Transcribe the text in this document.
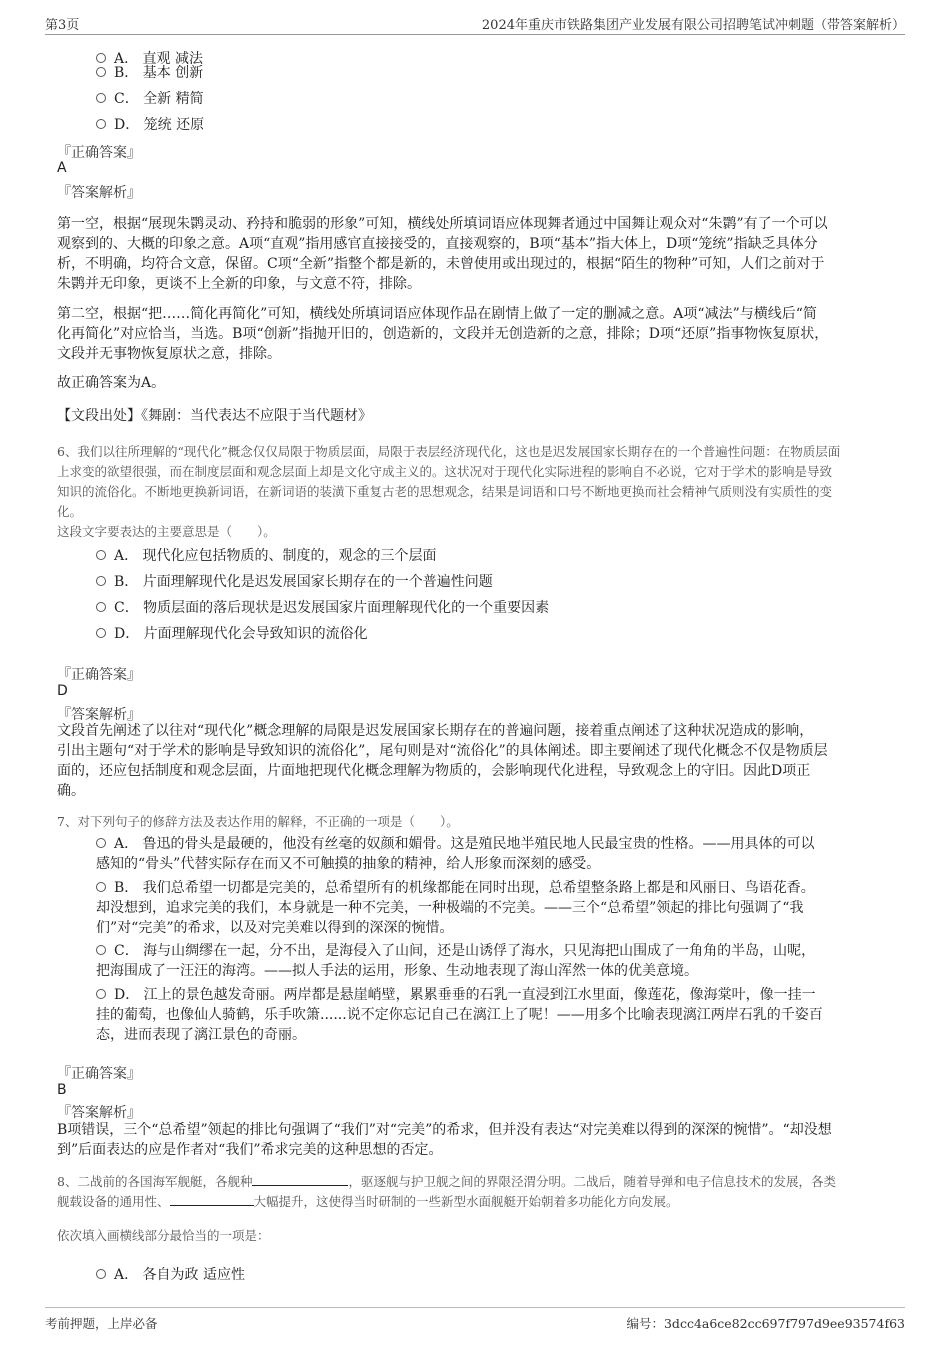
第3页	2024年重庆市铁路集团产业发展有限公司招聘笔试冲刺题（带答案解析）
A． 直观 减法
B． 基本 创新
C． 全新 精简
D． 笼统 还原
『正确答案』
A
『答案解析』
第一空，根据“展现朱鹮灵动、矜持和脆弱的形象”可知，横线处所填词语应体现舞者通过中国舞让观众对“朱鹮”有了一个可以
观察到的、大概的印象之意。A项“直观”指用感官直接接受的，直接观察的，B项“基本”指大体上，D项“笼统”指缺乏具体分
析，不明确，均符合文意，保留。C项“全新”指整个都是新的，未曾使用或出现过的，根据“陌生的物种”可知，人们之前对于
朱鹮并无印象，更谈不上全新的印象，与文意不符，排除。
第二空，根据“把……简化再简化”可知，横线处所填词语应体现作品在剧情上做了一定的删减之意。A项“减法”与横线后“简
化再简化”对应恰当，当选。B项“创新”指抛开旧的，创造新的，文段并无创造新的之意，排除；D项“还原”指事物恢复原状，
文段并无事物恢复原状之意，排除。
故正确答案为A。
【文段出处】《舞剧：当代表达不应限于当代题材》
6、我们以往所理解的“现代化”概念仅仅局限于物质层面，局限于表层经济现代化，这也是迟发展国家长期存在的一个普遍性问题：在物质层面
上求变的欲望很强，而在制度层面和观念层面上却是文化守成主义的。这状况对于现代化实际进程的影响自不必说，它对于学术的影响是导致
知识的流俗化。不断地更换新词语，在新词语的装潢下重复古老的思想观念，结果是词语和口号不断地更换而社会精神气质则没有实质性的变
化。
这段文字要表达的主要意思是（　　）。
A． 现代化应包括物质的、制度的，观念的三个层面
B． 片面理解现代化是迟发展国家长期存在的一个普遍性问题
C． 物质层面的落后现状是迟发展国家片面理解现代化的一个重要因素
D． 片面理解现代化会导致知识的流俗化
『正确答案』
D
『答案解析』
文段首先阐述了以往对“现代化”概念理解的局限是迟发展国家长期存在的普遍问题，接着重点阐述了这种状况造成的影响，
引出主题句“对于学术的影响是导致知识的流俗化”，尾句则是对“流俗化”的具体阐述。即主要阐述了现代化概念不仅是物质层
面的，还应包括制度和观念层面，片面地把现代化概念理解为物质的，会影响现代化进程，导致观念上的守旧。因此D项正
确。
7、对下列句子的修辞方法及表达作用的解释，不正确的一项是（　　）。
A． 鲁迅的骨头是最硬的，他没有丝毫的奴颜和媚骨。这是殖民地半殖民地人民最宝贵的性格。——用具体的可以
感知的“骨头”代替实际存在而又不可触摸的抽象的精神，给人形象而深刻的感受。
B． 我们总希望一切都是完美的，总希望所有的机缘都能在同时出现，总希望整条路上都是和风丽日、鸟语花香。
却没想到，追求完美的我们，本身就是一种不完美，一种极端的不完美。——三个“总希望”领起的排比句强调了“我
们”对“完美”的希求，以及对完美难以得到的深深的惋惜。
C． 海与山绸缪在一起，分不出，是海侵入了山间，还是山诱俘了海水，只见海把山围成了一角角的半岛，山呢，
把海围成了一汪汪的海湾。——拟人手法的运用，形象、生动地表现了海山浑然一体的优美意境。
D． 江上的景色越发奇丽。两岸都是悬崖峭壁，累累垂垂的石乳一直浸到江水里面，像莲花，像海棠叶，像一挂一
挂的葡萄，也像仙人骑鹤，乐手吹箫......说不定你忘记自己在漓江上了呢！——用多个比喻表现漓江两岸石乳的千姿百
态，进而表现了漓江景色的奇丽。
『正确答案』
B
『答案解析』
B项错误，三个“总希望”领起的排比句强调了“我们”对“完美”的希求，但并没有表达“对完美难以得到的深深的惋惜”。“却没想
到”后面表达的应是作者对“我们”希求完美的这种思想的否定。
8、二战前的各国海军舰艇，各舰种	，驱逐舰与护卫舰之间的界限泾渭分明。二战后，随着导弹和电子信息技术的发展，各类
舰载设备的通用性、	大幅提升，这使得当时研制的一些新型水面舰艇开始朝着多功能化方向发展。
依次填入画横线部分最恰当的一项是：
A． 各自为政 适应性
考前押题，上岸必备	编号：3dcc4a6ce82cc697f797d9ee93574f63
